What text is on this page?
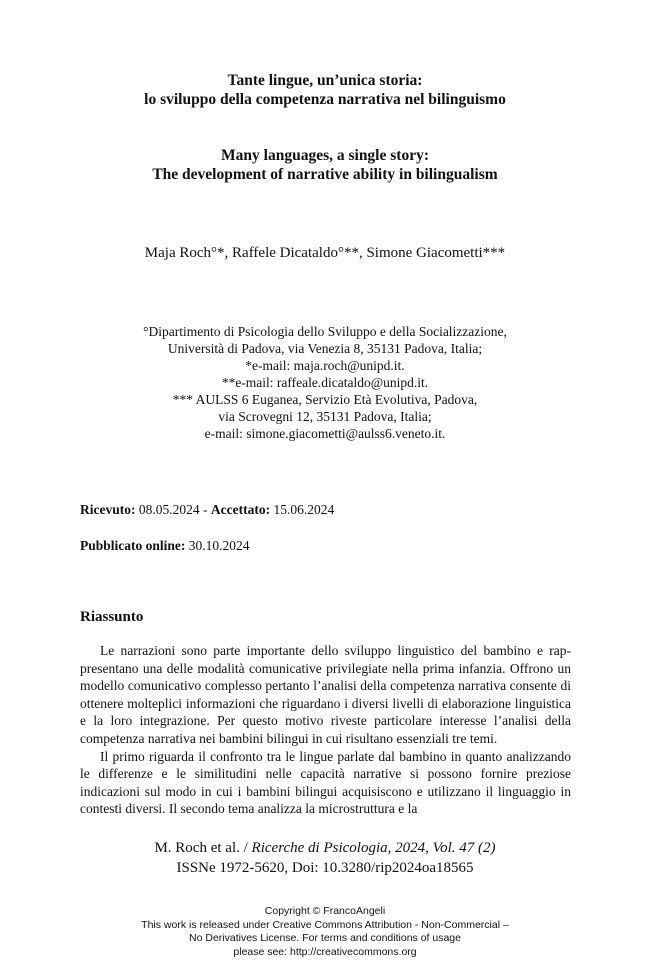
Tante lingue, un’unica storia:
lo sviluppo della competenza narrativa nel bilinguismo
Many languages, a single story:
The development of narrative ability in bilingualism
Maja Roch°*, Raffele Dicataldo°**, Simone Giacometti***
°Dipartimento di Psicologia dello Sviluppo e della Socializzazione,
Università di Padova, via Venezia 8, 35131 Padova, Italia;
*e-mail: maja.roch@unipd.it.
**e-mail: raffeale.dicataldo@unipd.it.
*** AULSS 6 Euganea, Servizio Età Evolutiva, Padova,
via Scrovegni 12, 35131 Padova, Italia;
e-mail: simone.giacometti@aulss6.veneto.it.
Ricevuto: 08.05.2024 - Accettato: 15.06.2024
Pubblicato online: 30.10.2024
Riassunto

Le narrazioni sono parte importante dello sviluppo linguistico del bambino e rappresentano una delle modalità comunicative privilegiate nella prima infanzia. Offrono un modello comunicativo complesso pertanto l’analisi della competenza narrativa consente di ottenere molteplici informazioni che riguardano i diversi livelli di elaborazione linguistica e la loro integrazione. Per questo motivo riveste particolare interesse l’analisi della competenza narrativa nei bambini bilingui in cui risultano essenziali tre temi.

Il primo riguarda il confronto tra le lingue parlate dal bambino in quanto analizzando le differenze e le similitudini nelle capacità narrative si possono fornire preziose indicazioni sul modo in cui i bambini bilingui acquisiscono e utilizzano il linguaggio in contesti diversi. Il secondo tema analizza la microstruttura e la

M. Roch et al. / Ricerche di Psicologia, 2024, Vol. 47 (2)
ISSNe 1972-5620, Doi: 10.3280/rip2024oa18565
Copyright © FrancoAngeli
This work is released under Creative Commons Attribution - Non-Commercial –
No Derivatives License. For terms and conditions of usage
please see: http://creativecommons.org
